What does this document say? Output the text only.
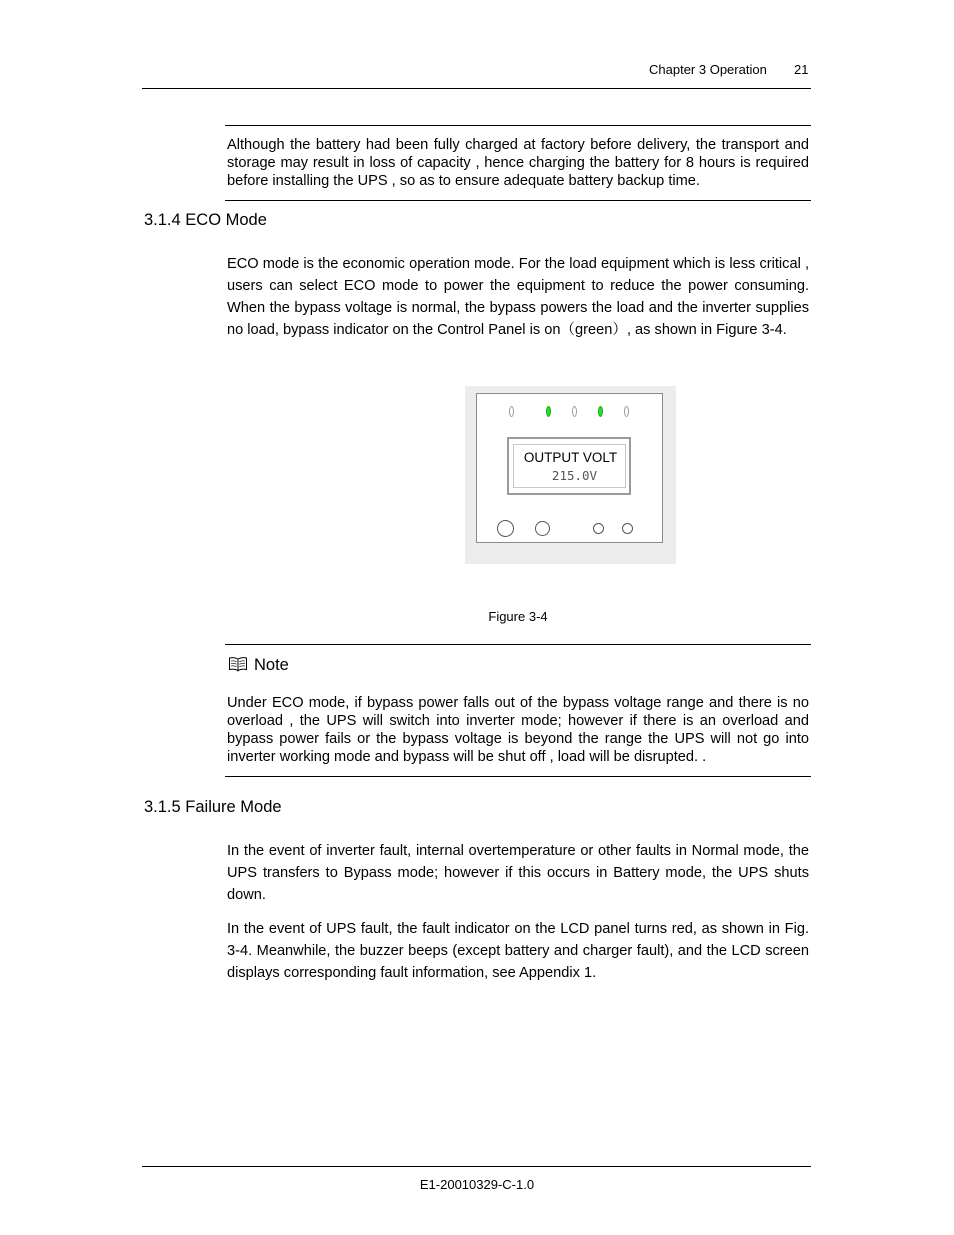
Chapter 3 Operation 21
Although the battery had been fully charged at factory before delivery, the transport and storage may result in loss of capacity , hence charging the battery for 8 hours is required before installing the UPS , so as to ensure adequate battery backup time.
3.1.4 ECO Mode
ECO mode is the economic operation mode. For the load equipment which is less critical , users can select ECO mode to power the equipment to reduce the power consuming. When the bypass voltage is normal, the bypass powers the load and the inverter supplies no load, bypass indicator on the Control Panel is on（green）, as shown in Figure 3-4.
OUTPUT VOLT
215.0V
Figure 3-4
Note
Under ECO mode, if bypass power falls out of the bypass voltage range and there is no overload , the UPS will switch into inverter mode; however if there is an overload and bypass power fails or the bypass voltage is beyond the range the UPS will not go into inverter working mode and bypass will be shut off , load will be disrupted. .
3.1.5 Failure Mode
In the event of inverter fault, internal overtemperature or other faults in Normal mode, the UPS transfers to Bypass mode; however if this occurs in Battery mode, the UPS shuts down.
In the event of UPS fault, the fault indicator on the LCD panel turns red, as shown in Fig. 3-4. Meanwhile, the buzzer beeps (except battery and charger fault), and the LCD screen displays corresponding fault information, see Appendix 1.
E1-20010329-C-1.0
